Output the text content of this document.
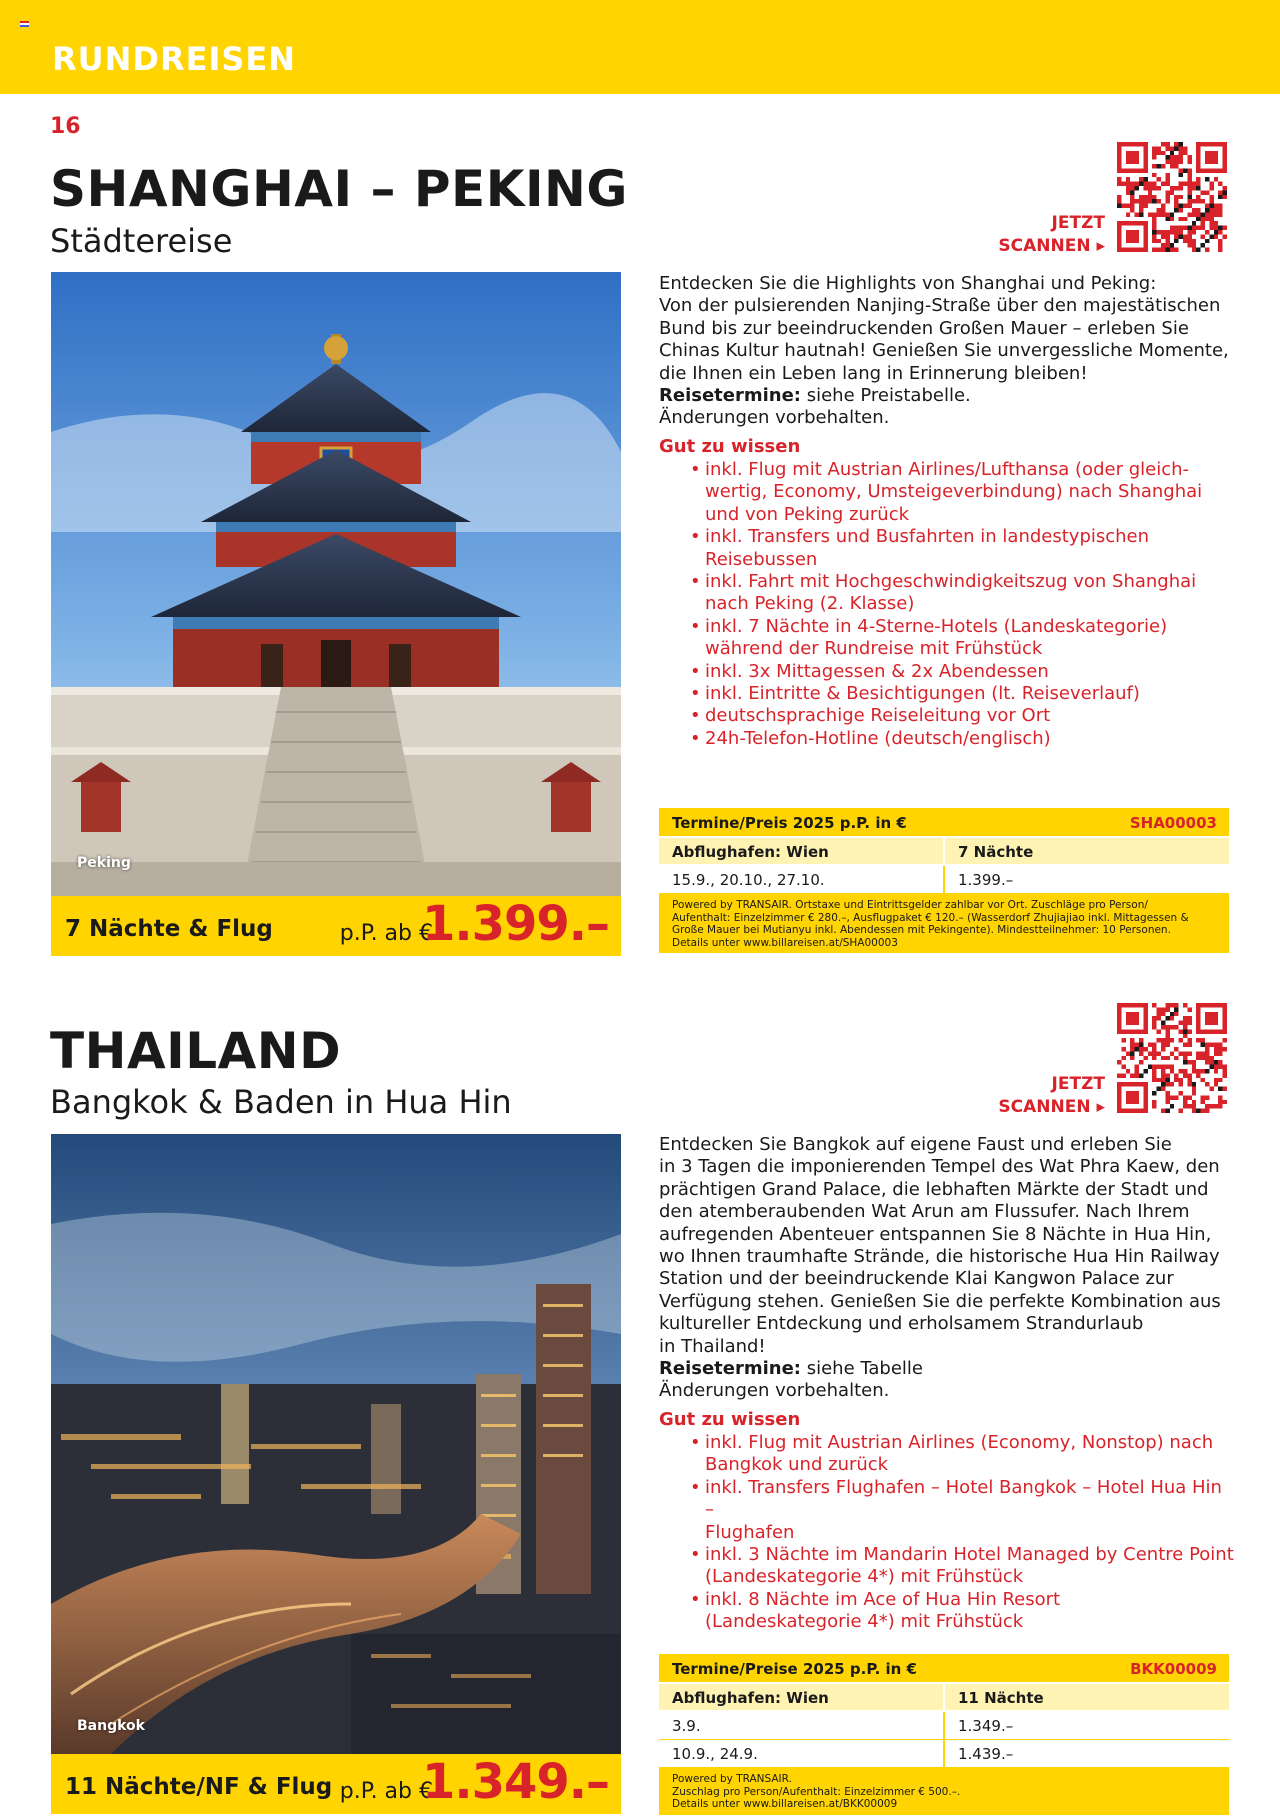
RUNDREISEN
16
SHANGHAI – PEKING
Städtereise	JETZT
SCANNEN ▸
Peking
7 Nächte & Flug	p.P. ab €
1.399.–
Entdecken Sie die Highlights von Shanghai und Peking:
Von der pulsierenden Nanjing-Straße über den majestätischen
Bund bis zur beeindruckenden Großen Mauer – erleben Sie
Chinas Kultur hautnah! Genießen Sie unvergessliche Momente,
die Ihnen ein Leben lang in Erinnerung bleiben!
Reisetermine: siehe Preistabelle.
Änderungen vorbehalten.
Gut zu wissen
• inkl. Flug mit Austrian Airlines/Lufthansa (oder gleich-
wertig, Economy, Umsteigeverbindung) nach Shanghai
und von Peking zurück
• inkl. Transfers und Busfahrten in landestypischen
Reisebussen
• inkl. Fahrt mit Hochgeschwindigkeitszug von Shanghai
nach Peking (2. Klasse)
• inkl. 7 Nächte in 4-Sterne-Hotels (Landeskategorie)
während der Rundreise mit Frühstück
• inkl. 3x Mittagessen & 2x Abendessen
• inkl. Eintritte & Besichtigungen (lt. Reiseverlauf)
• deutschsprachige Reiseleitung vor Ort
• 24h-Telefon-Hotline (deutsch/englisch)
Termine/Preis 2025 p.P. in €	SHA00003
Abflughafen: Wien	7 Nächte
15.9., 20.10., 27.10.	1.399.–
Powered by TRANSAIR. Ortstaxe und Eintrittsgelder zahlbar vor Ort. Zuschläge pro Person/
Aufenthalt: Einzelzimmer € 280.–, Ausflugpaket € 120.– (Wasserdorf Zhujiajiao inkl. Mittagessen &
Große Mauer bei Mutianyu inkl. Abendessen mit Pekingente). Mindestteilnehmer: 10 Personen.
Details unter www.billareisen.at/SHA00003
THAILAND
Bangkok & Baden in Hua Hin	JETZT
SCANNEN ▸
Bangkok
11 Nächte/NF & Flug p.P. ab €
1.349.–
Entdecken Sie Bangkok auf eigene Faust und erleben Sie
in 3 Tagen die imponierenden Tempel des Wat Phra Kaew, den
prächtigen Grand Palace, die lebhaften Märkte der Stadt und
den atemberaubenden Wat Arun am Flussufer. Nach Ihrem
aufregenden Abenteuer entspannen Sie 8 Nächte in Hua Hin,
wo Ihnen traumhafte Strände, die historische Hua Hin Railway
Station und der beeindruckende Klai Kangwon Palace zur
Verfügung stehen. Genießen Sie die perfekte Kombination aus
kultureller Entdeckung und erholsamem Strandurlaub
in Thailand!
Reisetermine: siehe Tabelle
Änderungen vorbehalten.
Gut zu wissen
• inkl. Flug mit Austrian Airlines (Economy, Nonstop) nach
Bangkok und zurück
• inkl. Transfers Flughafen – Hotel Bangkok – Hotel Hua Hin –
Flughafen
• inkl. 3 Nächte im Mandarin Hotel Managed by Centre Point
(Landeskategorie 4*) mit Frühstück
• inkl. 8 Nächte im Ace of Hua Hin Resort
(Landeskategorie 4*) mit Frühstück
Termine/Preise 2025 p.P. in €	BKK00009
Abflughafen: Wien	11 Nächte
3.9.	1.349.–
10.9., 24.9.	1.439.–
Powered by TRANSAIR.
Zuschlag pro Person/Aufenthalt: Einzelzimmer € 500.–.
Details unter www.billareisen.at/BKK00009
